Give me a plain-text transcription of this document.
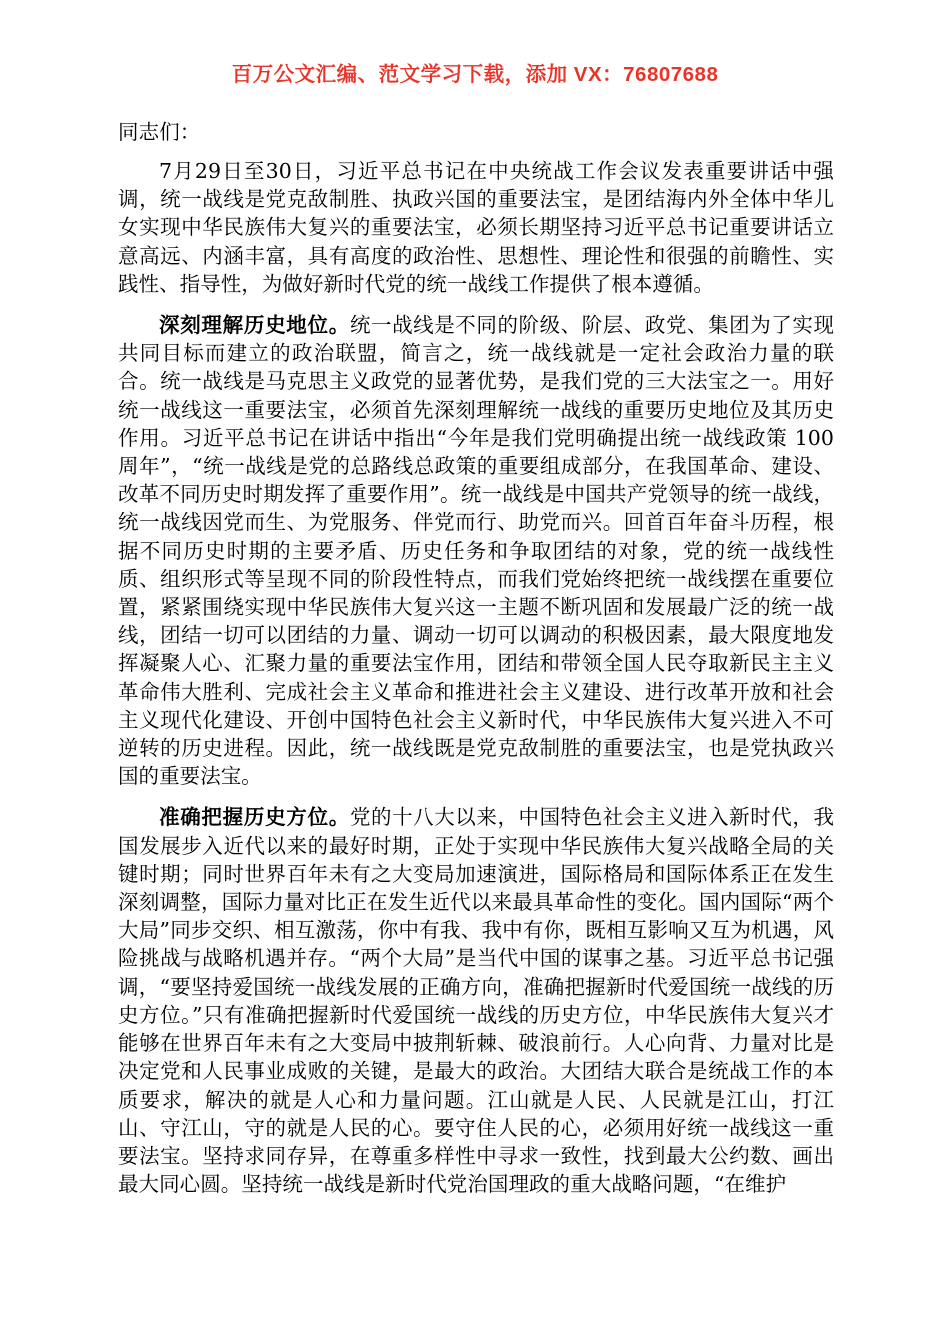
百万公文汇编、范文学习下载，添加 VX：76807688

同志们：

7月29日至30日，习近平总书记在中央统战工作会议发表重要讲话中强调，统一战线是党克敌制胜、执政兴国的重要法宝，是团结海内外全体中华儿女实现中华民族伟大复兴的重要法宝，必须长期坚持习近平总书记重要讲话立意高远、内涵丰富，具有高度的政治性、思想性、理论性和很强的前瞻性、实践性、指导性，为做好新时代党的统一战线工作提供了根本遵循。

深刻理解历史地位。统一战线是不同的阶级、阶层、政党、集团为了实现共同目标而建立的政治联盟，简言之，统一战线就是一定社会政治力量的联合。统一战线是马克思主义政党的显著优势，是我们党的三大法宝之一。用好统一战线这一重要法宝，必须首先深刻理解统一战线的重要历史地位及其历史作用。习近平总书记在讲话中指出“今年是我们党明确提出统一战线政策 100 周年”，“统一战线是党的总路线总政策的重要组成部分，在我国革命、建设、改革不同历史时期发挥了重要作用”。统一战线是中国共产党领导的统一战线，统一战线因党而生、为党服务、伴党而行、助党而兴。回首百年奋斗历程，根据不同历史时期的主要矛盾、历史任务和争取团结的对象，党的统一战线性质、组织形式等呈现不同的阶段性特点，而我们党始终把统一战线摆在重要位置，紧紧围绕实现中华民族伟大复兴这一主题不断巩固和发展最广泛的统一战线，团结一切可以团结的力量、调动一切可以调动的积极因素，最大限度地发挥凝聚人心、汇聚力量的重要法宝作用，团结和带领全国人民夺取新民主主义革命伟大胜利、完成社会主义革命和推进社会主义建设、进行改革开放和社会主义现代化建设、开创中国特色社会主义新时代，中华民族伟大复兴进入不可逆转的历史进程。因此，统一战线既是党克敌制胜的重要法宝，也是党执政兴国的重要法宝。

准确把握历史方位。党的十八大以来，中国特色社会主义进入新时代，我国发展步入近代以来的最好时期，正处于实现中华民族伟大复兴战略全局的关键时期；同时世界百年未有之大变局加速演进，国际格局和国际体系正在发生深刻调整，国际力量对比正在发生近代以来最具革命性的变化。国内国际“两个大局”同步交织、相互激荡，你中有我、我中有你，既相互影响又互为机遇，风险挑战与战略机遇并存。“两个大局”是当代中国的谋事之基。习近平总书记强调，“要坚持爱国统一战线发展的正确方向，准确把握新时代爱国统一战线的历史方位。”只有准确把握新时代爱国统一战线的历史方位，中华民族伟大复兴才能够在世界百年未有之大变局中披荆斩棘、破浪前行。人心向背、力量对比是决定党和人民事业成败的关键，是最大的政治。大团结大联合是统战工作的本质要求，解决的就是人心和力量问题。江山就是人民、人民就是江山，打江山、守江山，守的就是人民的心。要守住人民的心，必须用好统一战线这一重要法宝。坚持求同存异，在尊重多样性中寻求一致性，找到最大公约数、画出最大同心圆。坚持统一战线是新时代党治国理政的重大战略问题，“在维护
